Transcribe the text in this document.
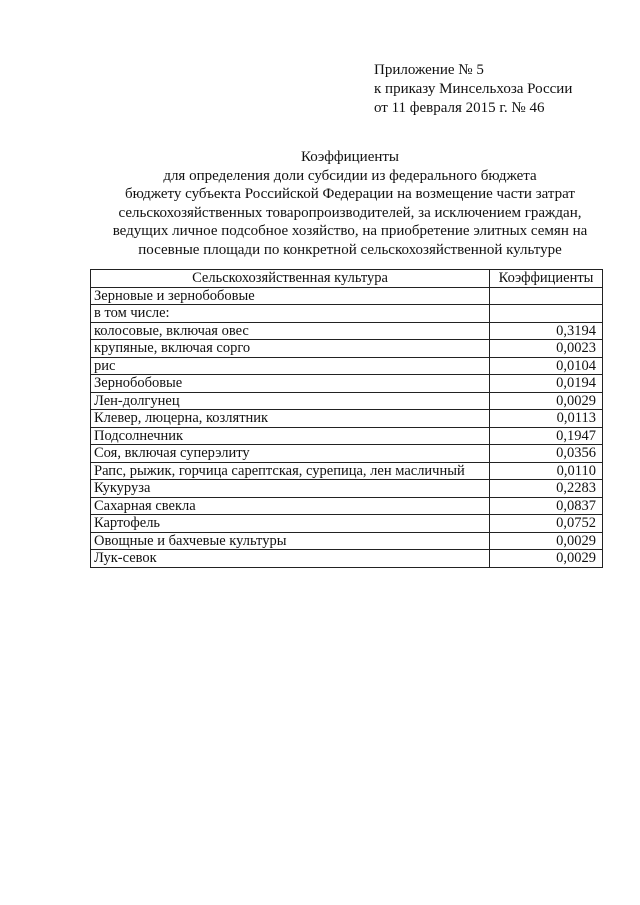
Приложение № 5
к приказу Минсельхоза России
от 11 февраля 2015 г. № 46
Коэффициенты
для определения доли субсидии из федерального бюджета
бюджету субъекта Российской Федерации на возмещение части затрат
сельскохозяйственных товаропроизводителей, за исключением граждан,
ведущих личное подсобное хозяйство, на приобретение элитных семян на
посевные площади по конкретной сельскохозяйственной культуре
Сельскохозяйственная культура	Коэффициенты
Зерновые и зернобобовые	
в том числе:	
колосовые, включая овес	0,3194
крупяные, включая сорго	0,0023
рис	0,0104
Зернобобовые	0,0194
Лен-долгунец	0,0029
Клевер, люцерна, козлятник	0,0113
Подсолнечник	0,1947
Соя, включая суперэлиту	0,0356
Рапс, рыжик, горчица сарептская, сурепица, лен масличный	0,0110
Кукуруза	0,2283
Сахарная свекла	0,0837
Картофель	0,0752
Овощные и бахчевые культуры	0,0029
Лук-севок	0,0029
